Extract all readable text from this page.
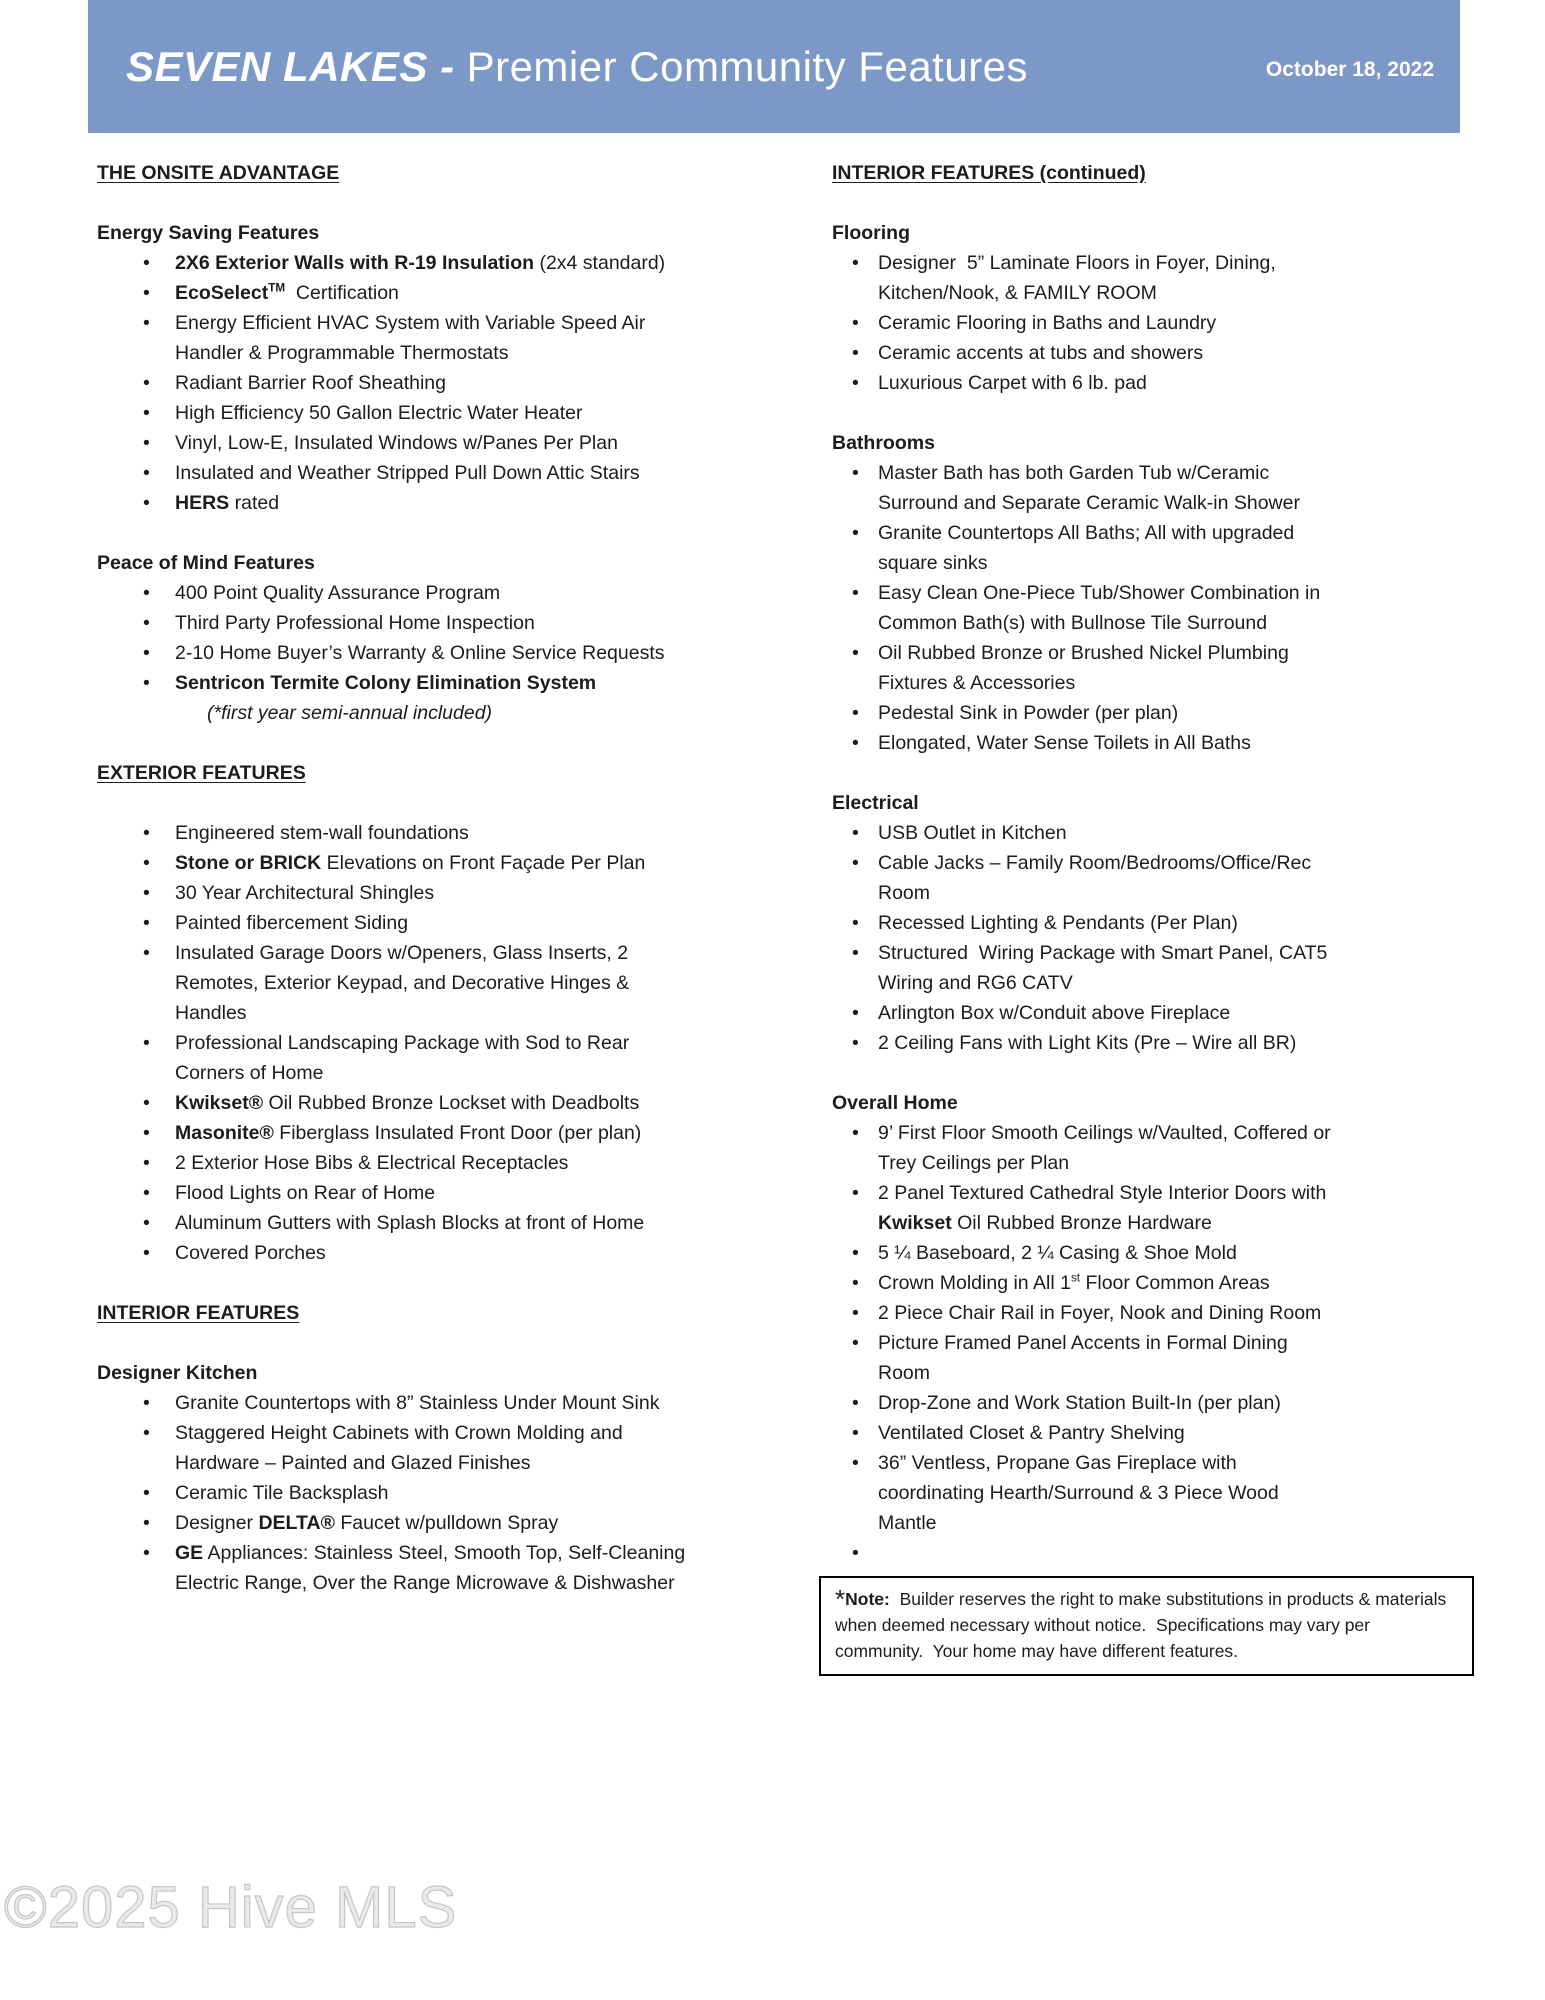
SEVEN LAKES - Premier Community Features	October 18, 2022
THE ONSITE ADVANTAGE
Energy Saving Features
•	2X6 Exterior Walls with R-19 Insulation (2x4 standard)
•	EcoSelect™  Certification
•	Energy Efficient HVAC System with Variable Speed Air Handler & Programmable Thermostats
•	Radiant Barrier Roof Sheathing
•	High Efficiency 50 Gallon Electric Water Heater
•	Vinyl, Low-E, Insulated Windows w/Panes Per Plan
•	Insulated and Weather Stripped Pull Down Attic Stairs
•	HERS rated
Peace of Mind Features
•	400 Point Quality Assurance Program
•	Third Party Professional Home Inspection
•	2-10 Home Buyer’s Warranty & Online Service Requests
•	Sentricon Termite Colony Elimination System
(*first year semi-annual included)
EXTERIOR FEATURES
•	Engineered stem-wall foundations
•	Stone or BRICK Elevations on Front Façade Per Plan
•	30 Year Architectural Shingles
•	Painted fibercement Siding
•	Insulated Garage Doors w/Openers, Glass Inserts, 2 Remotes, Exterior Keypad, and Decorative Hinges & Handles
•	Professional Landscaping Package with Sod to Rear Corners of Home
•	Kwikset® Oil Rubbed Bronze Lockset with Deadbolts
•	Masonite® Fiberglass Insulated Front Door (per plan)
•	2 Exterior Hose Bibs & Electrical Receptacles
•	Flood Lights on Rear of Home
•	Aluminum Gutters with Splash Blocks at front of Home
•	Covered Porches
INTERIOR FEATURES
Designer Kitchen
•	Granite Countertops with 8” Stainless Under Mount Sink
•	Staggered Height Cabinets with Crown Molding and Hardware – Painted and Glazed Finishes
•	Ceramic Tile Backsplash
•	Designer DELTA® Faucet w/pulldown Spray
•	GE Appliances: Stainless Steel, Smooth Top, Self-Cleaning Electric Range, Over the Range Microwave & Dishwasher
INTERIOR FEATURES (continued)
Flooring
• Designer  5” Laminate Floors in Foyer, Dining, Kitchen/Nook, & FAMILY ROOM
• Ceramic Flooring in Baths and Laundry
• Ceramic accents at tubs and showers
• Luxurious Carpet with 6 lb. pad
Bathrooms
• Master Bath has both Garden Tub w/Ceramic Surround and Separate Ceramic Walk-in Shower
• Granite Countertops All Baths; All with upgraded square sinks
• Easy Clean One-Piece Tub/Shower Combination in Common Bath(s) with Bullnose Tile Surround
• Oil Rubbed Bronze or Brushed Nickel Plumbing Fixtures & Accessories
• Pedestal Sink in Powder (per plan)
• Elongated, Water Sense Toilets in All Baths
Electrical
• USB Outlet in Kitchen
• Cable Jacks – Family Room/Bedrooms/Office/Rec Room
• Recessed Lighting & Pendants (Per Plan)
• Structured  Wiring Package with Smart Panel, CAT5 Wiring and RG6 CATV
• Arlington Box w/Conduit above Fireplace
• 2 Ceiling Fans with Light Kits (Pre – Wire all BR)
Overall Home
• 9’ First Floor Smooth Ceilings w/Vaulted, Coffered or Trey Ceilings per Plan
• 2 Panel Textured Cathedral Style Interior Doors with Kwikset Oil Rubbed Bronze Hardware
• 5 ¼ Baseboard, 2 ¼ Casing & Shoe Mold
• Crown Molding in All 1st Floor Common Areas
• 2 Piece Chair Rail in Foyer, Nook and Dining Room
• Picture Framed Panel Accents in Formal Dining Room
• Drop-Zone and Work Station Built-In (per plan)
• Ventilated Closet & Pantry Shelving
• 36” Ventless, Propane Gas Fireplace with coordinating Hearth/Surround & 3 Piece Wood Mantle
•
*Note:  Builder reserves the right to make substitutions in products & materials when deemed necessary without notice.  Specifications may vary per community.  Your home may have different features.
©2025 Hive MLS
